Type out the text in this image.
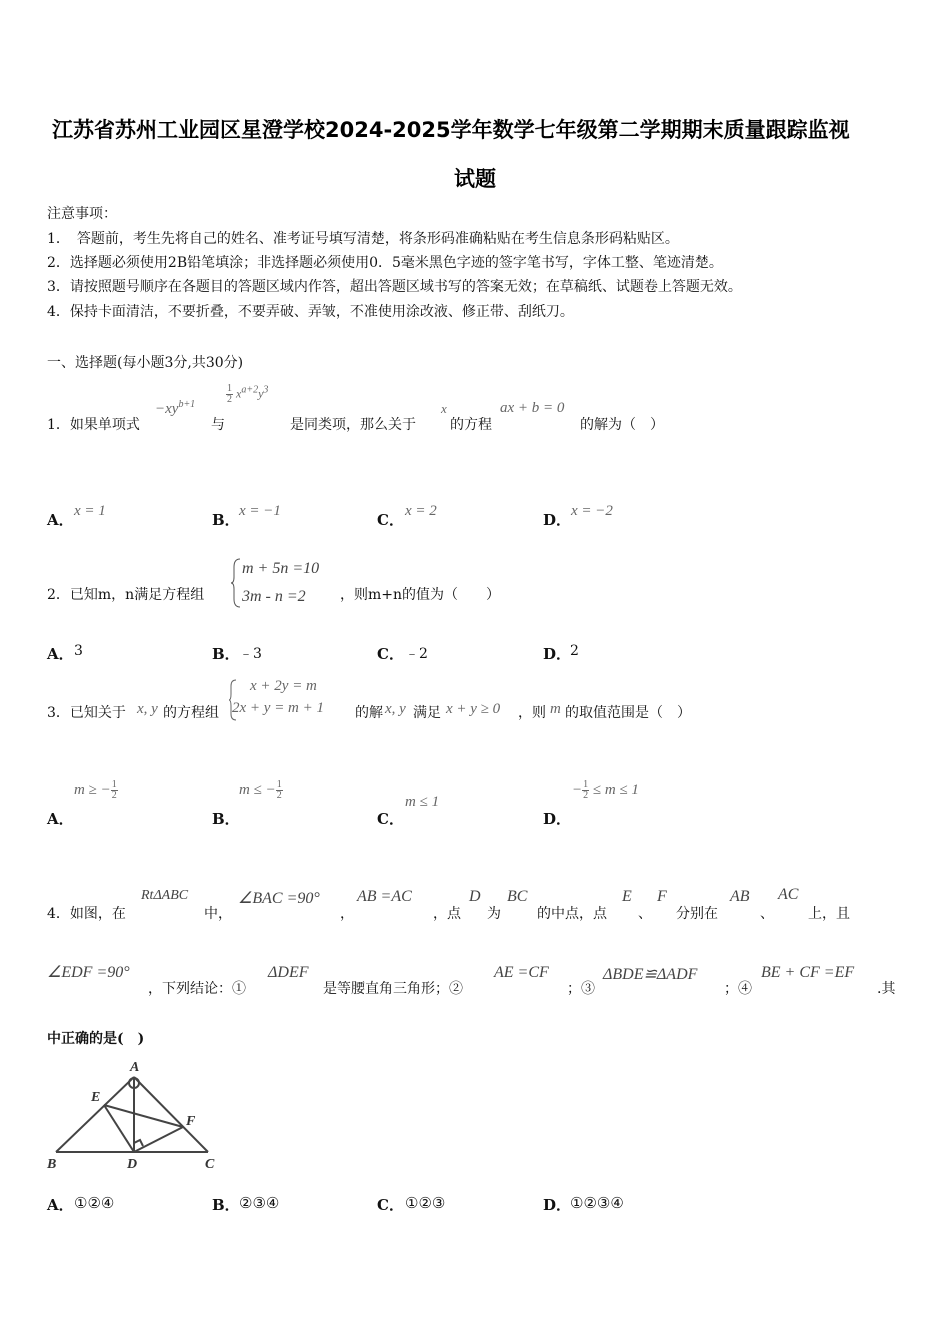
江苏省苏州工业园区星澄学校2024-2025学年数学七年级第二学期期末质量跟踪监视
试题
注意事项：
1．　答题前，考生先将自己的姓名、准考证号填写清楚，将条形码准确粘贴在考生信息条形码粘贴区。
2．选择题必须使用2B铅笔填涂；非选择题必须使用0．5毫米黑色字迹的签字笔书写，字体工整、笔迹清楚。
3．请按照题号顺序在各题目的答题区域内作答，超出答题区域书写的答案无效；在草稿纸、试题卷上答题无效。
4．保持卡面清洁，不要折叠，不要弄破、弄皱，不准使用涂改液、修正带、刮纸刀。
一、选择题(每小题3分,共30分)
1．如果单项式
$-xy^{b+1}$
与
$\frac{1}{2} x^{a+2}y^3$
是同类项，那么关于
x
的方程
ax + b = 0
的解为（　）
A． x = 1	B． x = −1	C． x = 2	D． x = −2
2．已知m，n满足方程组
m + 5n =10
3m - n =2 ，则m+n的值为（　　）
A． 3	B． ﹣3	C． ﹣2	D．
2
3．已知关于 x, y 的方程组
x + 2y = m
2x + y = m + 1 的解 x, y 满足 x + y ≥ 0 ，则 m 的取值范围是（　）
A．
m ≥ − $\frac{1}{2}$
B．
m ≤ − $\frac{1}{2}$
C．
m ≤ 1
D．
− $\frac{1}{2} \le m \le 1$
4．如图，在
RtΔABC
中，
∠BAC =90°
，
AB =AC
，点
D
为
BC
的中点，点
E
、
F
分别在
AB
、
AC
上，且
∠EDF =90°
，下列结论：①
ΔDEF
是等腰直角三角形；②
AE =CF
；③
ΔBDE≌ΔADF
；④
BE + CF =EF
.其
中正确的是(　)
A
B	C
D
E
F
A． ①②④	B． ②③④	C． ①②③	D．
①②③④
